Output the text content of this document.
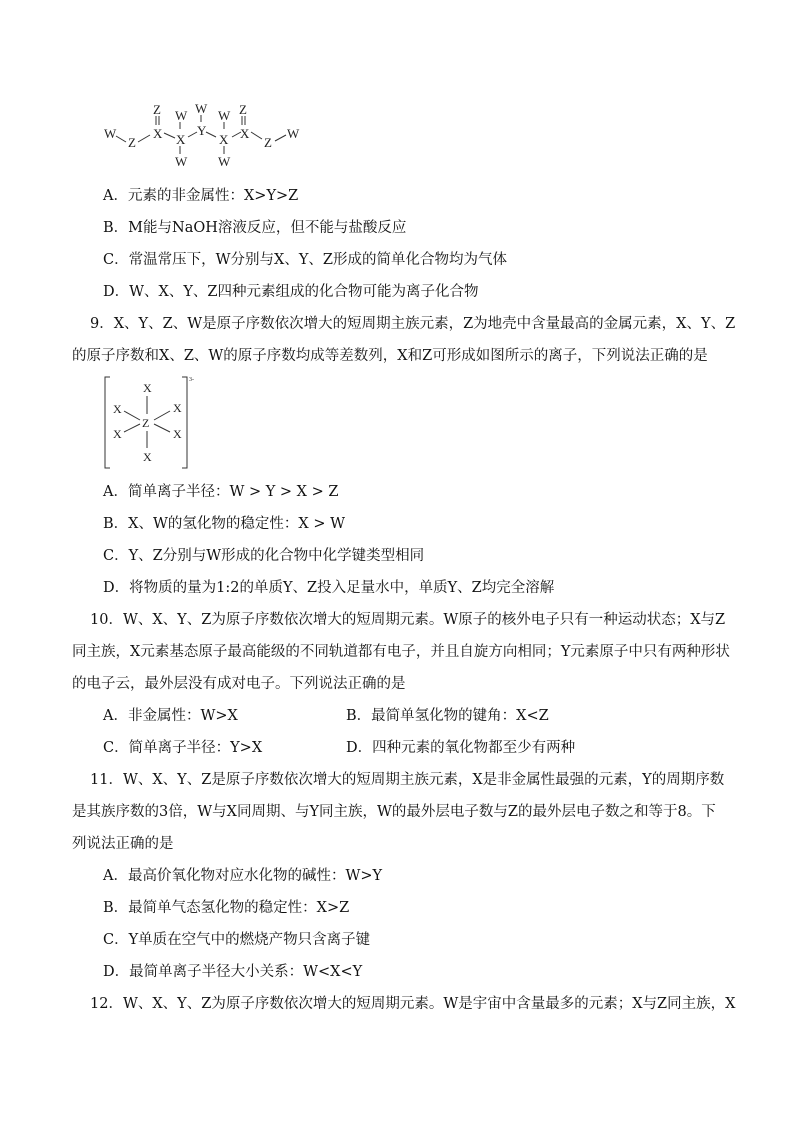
W
Z
Z
X
W
X
W
W
Y
W
X
W
Z
X
Z
W
A．元素的非金属性：X>Y>Z
B．M能与NaOH溶液反应，但不能与盐酸反应
C．常温常压下，W分别与X、Y、Z形成的简单化合物均为气体
D．W、X、Y、Z四种元素组成的化合物可能为离子化合物
9．X、Y、Z、W是原子序数依次增大的短周期主族元素，Z为地壳中含量最高的金属元素，X、Y、Z
的原子序数和X、Z、W的原子序数均成等差数列，X和Z可形成如图所示的离子，下列说法正确的是
X
X	X
Z
X	X
X
3-
A．简单离子半径：W > Y > X > Z
B．X、W的氢化物的稳定性：X > W
C．Y、Z分别与W形成的化合物中化学键类型相同
D．将物质的量为1:2的单质Y、Z投入足量水中，单质Y、Z均完全溶解
10．W、X、Y、Z为原子序数依次增大的短周期元素。W原子的核外电子只有一种运动状态；X与Z
同主族，X元素基态原子最高能级的不同轨道都有电子，并且自旋方向相同；Y元素原子中只有两种形状
的电子云，最外层没有成对电子。下列说法正确的是
A．非金属性：W>X	B．最简单氢化物的键角：X<Z
C．简单离子半径：Y>X	D．四种元素的氧化物都至少有两种
11．W、X、Y、Z是原子序数依次增大的短周期主族元素，X是非金属性最强的元素，Y的周期序数
是其族序数的3倍，W与X同周期、与Y同主族，W的最外层电子数与Z的最外层电子数之和等于8。下
列说法正确的是
A．最高价氧化物对应水化物的碱性：W>Y
B．最简单气态氢化物的稳定性：X>Z
C．Y单质在空气中的燃烧产物只含离子键
D．最简单离子半径大小关系：W<X<Y
12．W、X、Y、Z为原子序数依次增大的短周期元素。W是宇宙中含量最多的元素；X与Z同主族，X
